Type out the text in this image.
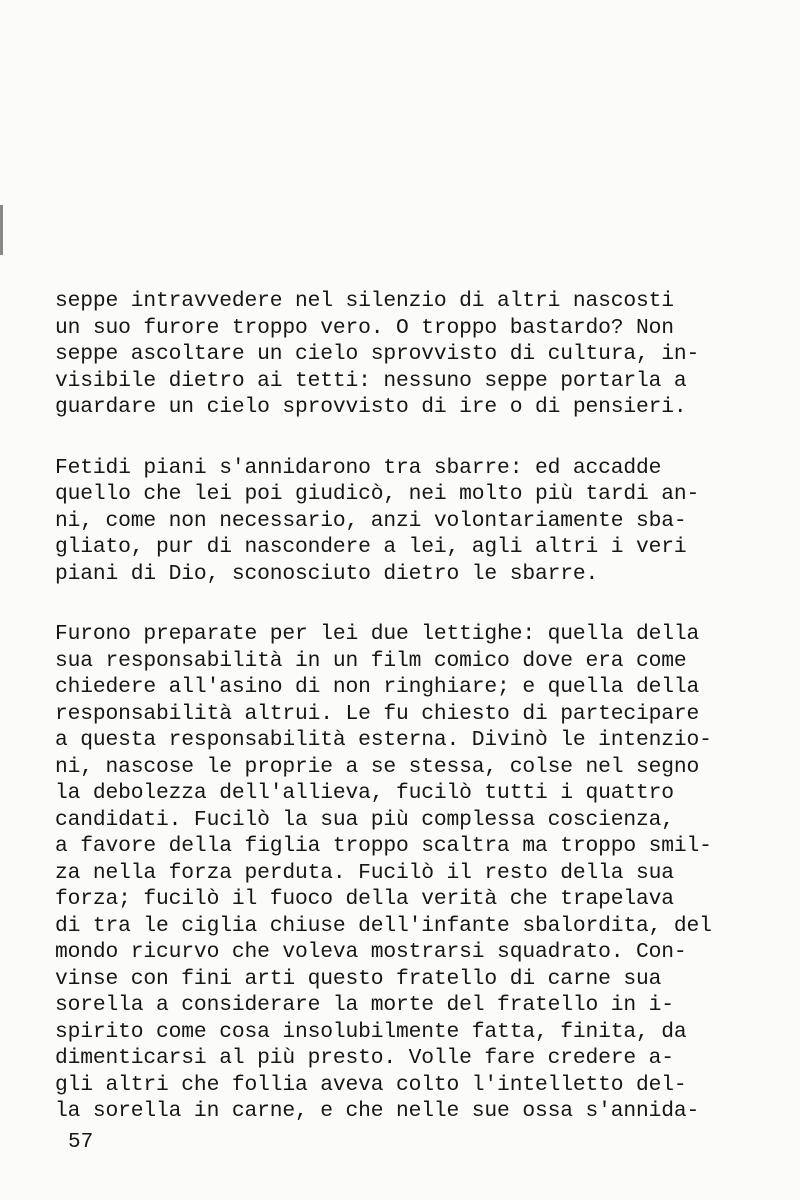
seppe intravvedere nel silenzio di altri nascosti
un suo furore troppo vero. O troppo bastardo? Non
seppe ascoltare un cielo sprovvisto di cultura, in-
visibile dietro ai tetti: nessuno seppe portarla a
guardare un cielo sprovvisto di ire o di pensieri.
Fetidi piani s'annidarono tra sbarre: ed accadde
quello che lei poi giudicò, nei molto più tardi an-
ni, come non necessario, anzi volontariamente sba-
gliato, pur di nascondere a lei, agli altri i veri
piani di Dio, sconosciuto dietro le sbarre.
Furono preparate per lei due lettighe: quella della
sua responsabilità in un film comico dove era come
chiedere all'asino di non ringhiare; e quella della
responsabilità altrui. Le fu chiesto di partecipare
a questa responsabilità esterna. Divinò le intenzio-
ni, nascose le proprie a se stessa, colse nel segno
la debolezza dell'allieva, fucilò tutti i quattro
candidati. Fucilò la sua più complessa coscienza,
a favore della figlia troppo scaltra ma troppo smil-
za nella forza perduta. Fucilò il resto della sua
forza; fucilò il fuoco della verità che trapelava
di tra le ciglia chiuse dell'infante sbalordita, del
mondo ricurvo che voleva mostrarsi squadrato. Con-
vinse con fini arti questo fratello di carne sua
sorella a considerare la morte del fratello in i-
spirito come cosa insolubilmente fatta, finita, da
dimenticarsi al più presto. Volle fare credere a-
gli altri che follia aveva colto l'intelletto del-
la sorella in carne, e che nelle sue ossa s'annida-
57
